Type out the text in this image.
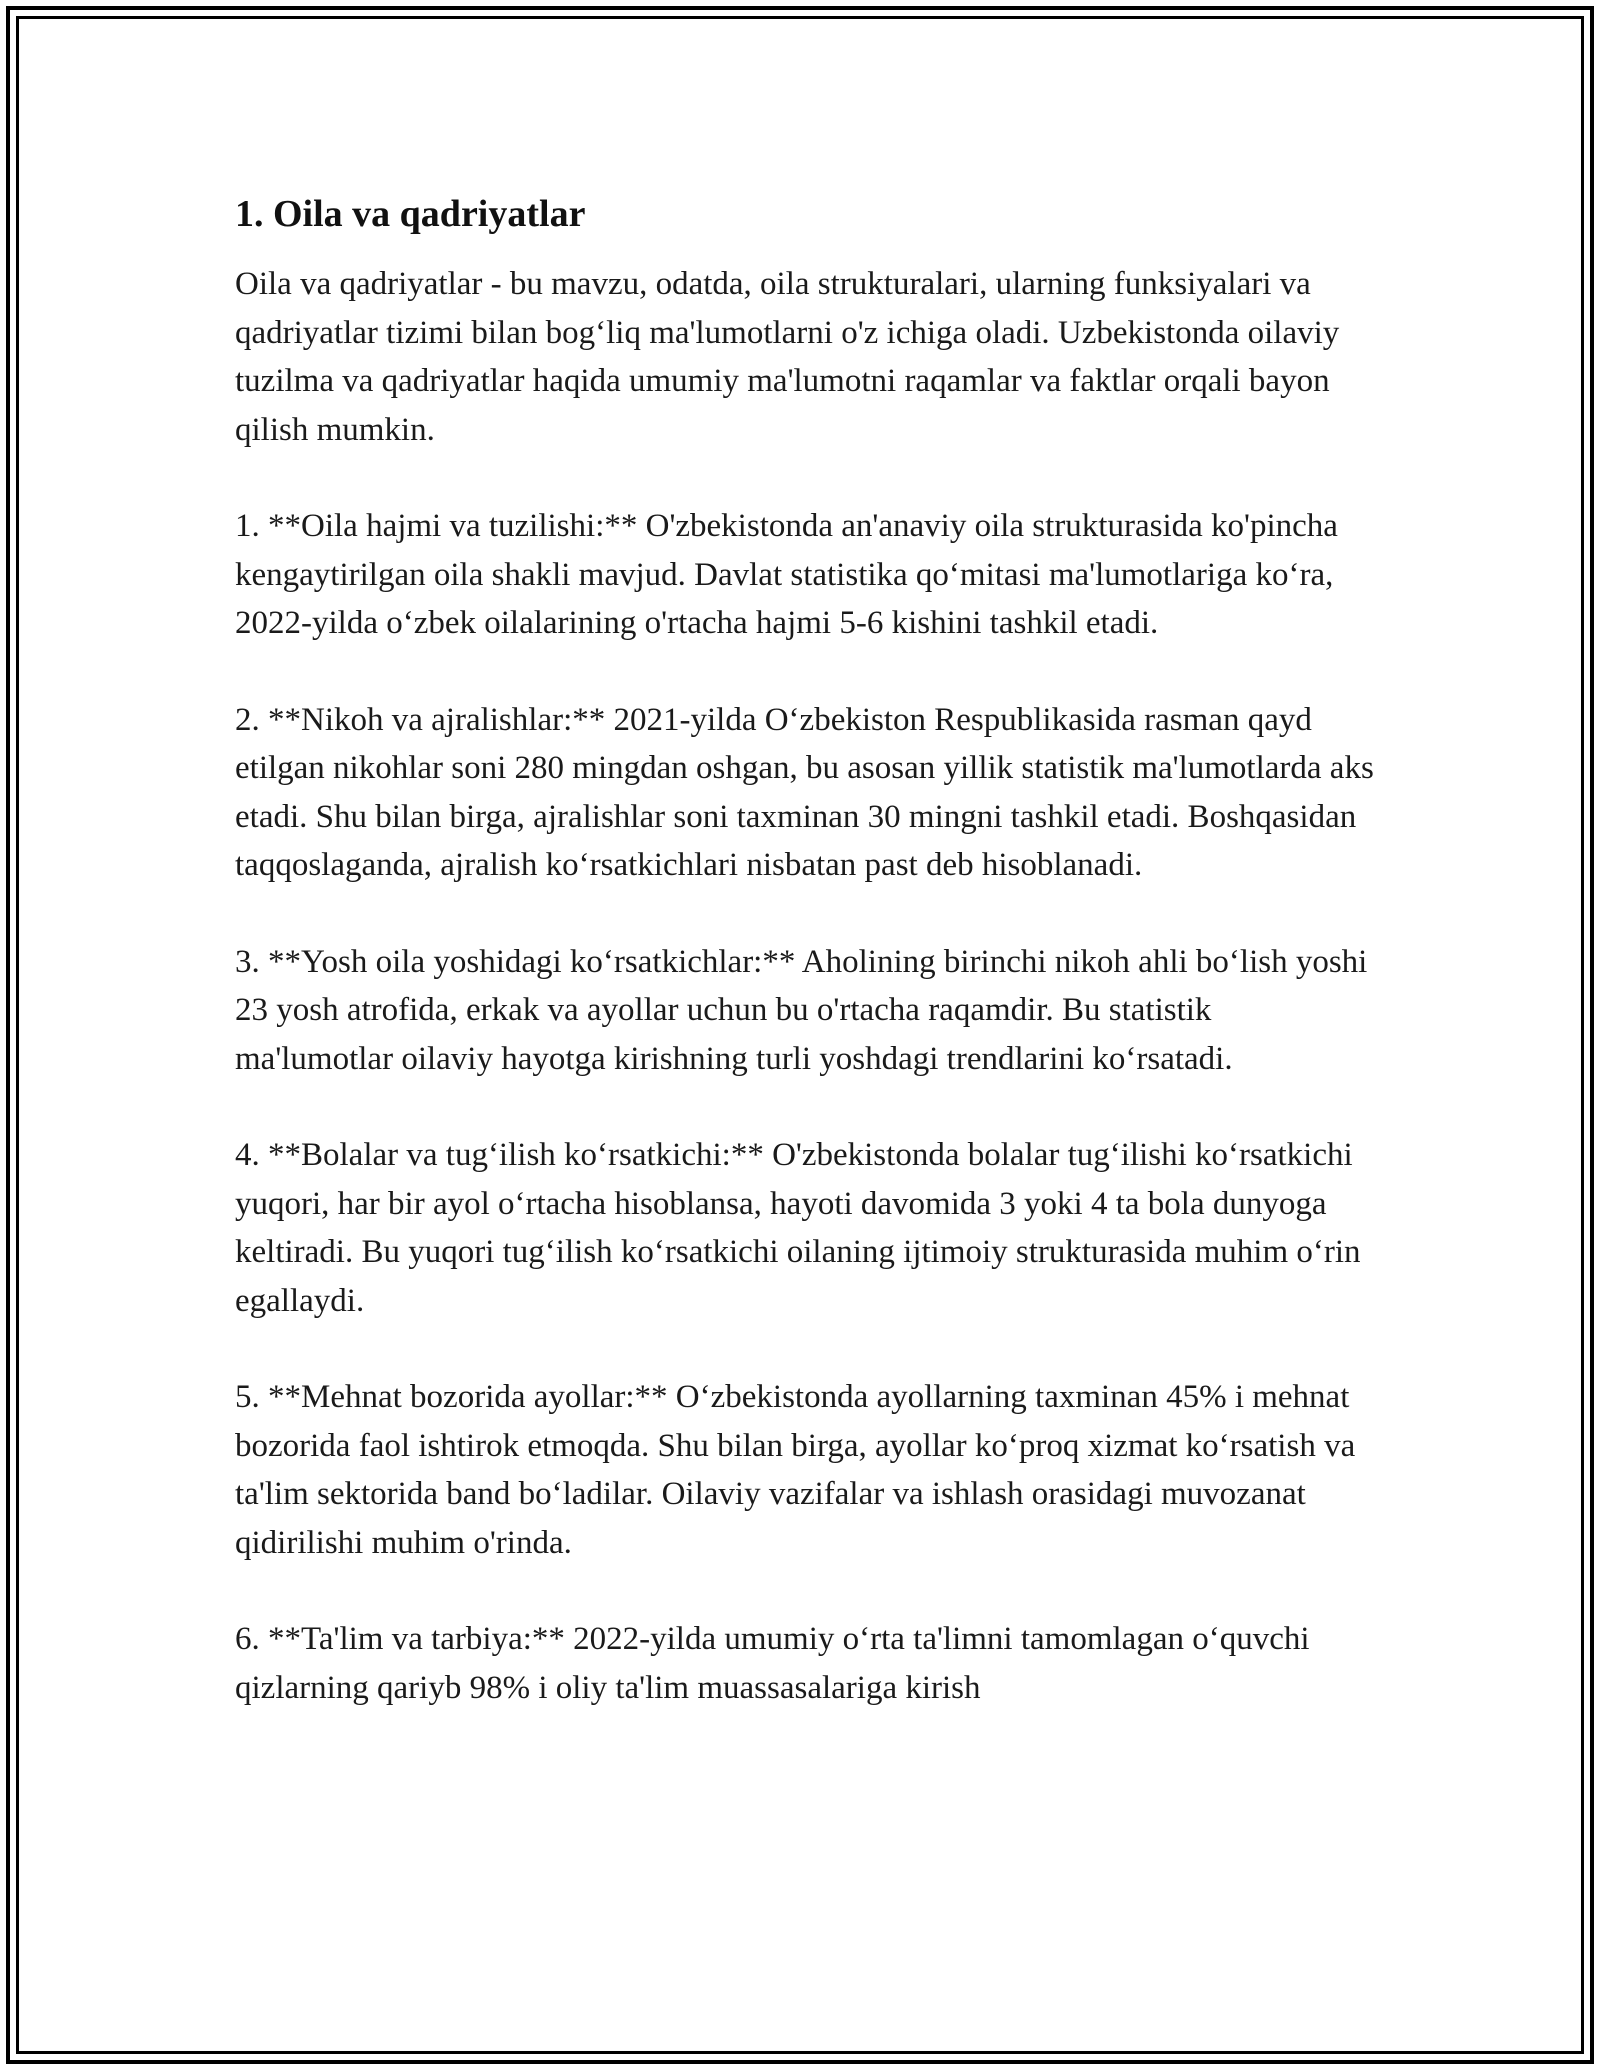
1. Oila va qadriyatlar

Oila va qadriyatlar - bu mavzu, odatda, oila strukturalari, ularning funksiyalari va qadriyatlar tizimi bilan bog‘liq ma'lumotlarni o'z ichiga oladi. Uzbekistonda oilaviy tuzilma va qadriyatlar haqida umumiy ma'lumotni raqamlar va faktlar orqali bayon qilish mumkin.

1. **Oila hajmi va tuzilishi:** O'zbekistonda an'anaviy oila strukturasida ko'pincha kengaytirilgan oila shakli mavjud. Davlat statistika qo‘mitasi ma'lumotlariga ko‘ra, 2022-yilda o‘zbek oilalarining o'rtacha hajmi 5-6 kishini tashkil etadi.

2. **Nikoh va ajralishlar:** 2021-yilda O‘zbekiston Respublikasida rasman qayd etilgan nikohlar soni 280 mingdan oshgan, bu asosan yillik statistik ma'lumotlarda aks etadi. Shu bilan birga, ajralishlar soni taxminan 30 mingni tashkil etadi. Boshqasidan taqqoslaganda, ajralish ko‘rsatkichlari nisbatan past deb hisoblanadi.

3. **Yosh oila yoshidagi ko‘rsatkichlar:** Aholining birinchi nikoh ahli bo‘lish yoshi 23 yosh atrofida, erkak va ayollar uchun bu o'rtacha raqamdir. Bu statistik ma'lumotlar oilaviy hayotga kirishning turli yoshdagi trendlarini ko‘rsatadi.

4. **Bolalar va tug‘ilish ko‘rsatkichi:** O'zbekistonda bolalar tug‘ilishi ko‘rsatkichi yuqori, har bir ayol o‘rtacha hisoblansa, hayoti davomida 3 yoki 4 ta bola dunyoga keltiradi. Bu yuqori tug‘ilish ko‘rsatkichi oilaning ijtimoiy strukturasida muhim o‘rin egallaydi.

5. **Mehnat bozorida ayollar:** O‘zbekistonda ayollarning taxminan 45% i mehnat bozorida faol ishtirok etmoqda. Shu bilan birga, ayollar ko‘proq xizmat ko‘rsatish va ta'lim sektorida band bo‘ladilar. Oilaviy vazifalar va ishlash orasidagi muvozanat qidirilishi muhim o'rinda.

6. **Ta'lim va tarbiya:** 2022-yilda umumiy o‘rta ta'limni tamomlagan o‘quvchi qizlarning qariyb 98% i oliy ta'lim muassasalariga kirish
